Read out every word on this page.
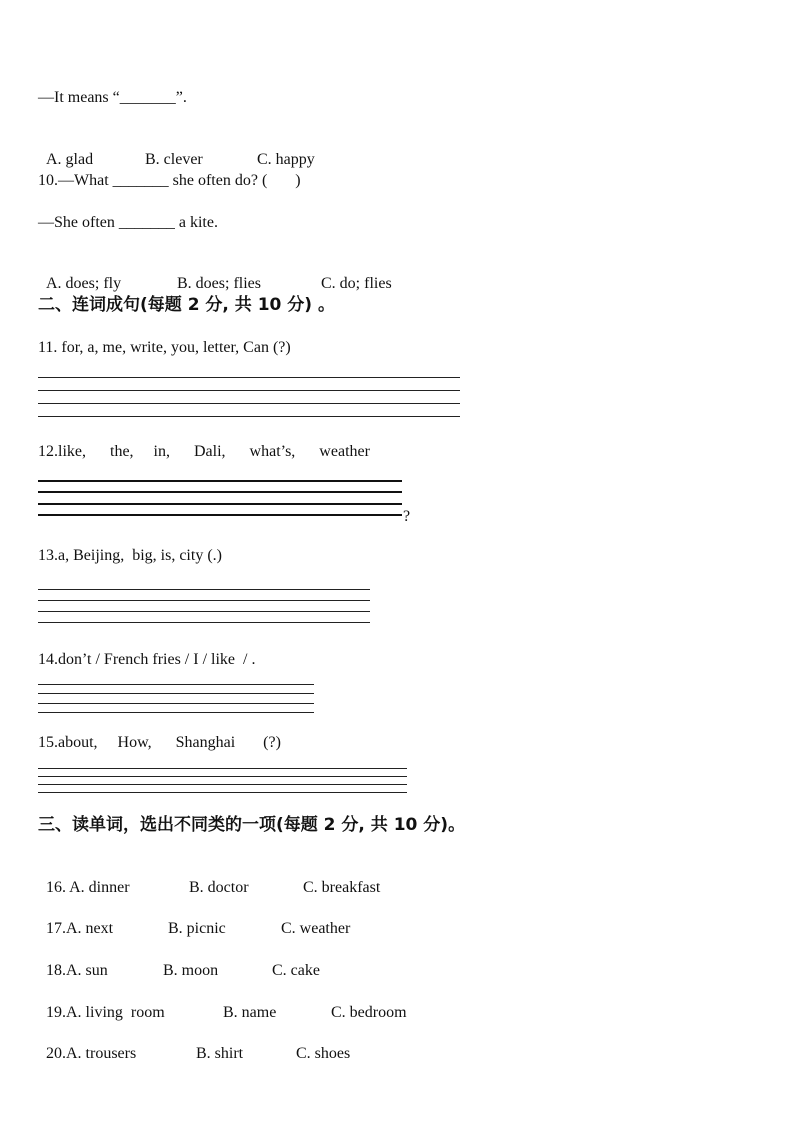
—It means “_______”.

A. glad	B. clever	C. happy

10.—What _______ she often do? (       )
—She often _______ a kite.

A. does; fly	B. does; flies	C. do; flies

二、连词成句(每题 2 分, 共 10 分) 。
11. for, a, me, write, you, letter, Can (?)
12.like,      the,     in,      Dali,      what’s,      weather
?
13.a, Beijing,  big, is, city (.)
14.don’t / French fries / I / like  / .
15.about,     How,      Shanghai       (?)
三、读单词，选出不同类的一项(每题 2 分, 共 10 分)。

16. A. dinner	B. doctor	C. breakfast

17.A. next	B. picnic	C. weather

18.A. sun	B. moon	C. cake

19.A. living  room	B. name	C. bedroom

20.A. trousers	B. shirt	C. shoes
